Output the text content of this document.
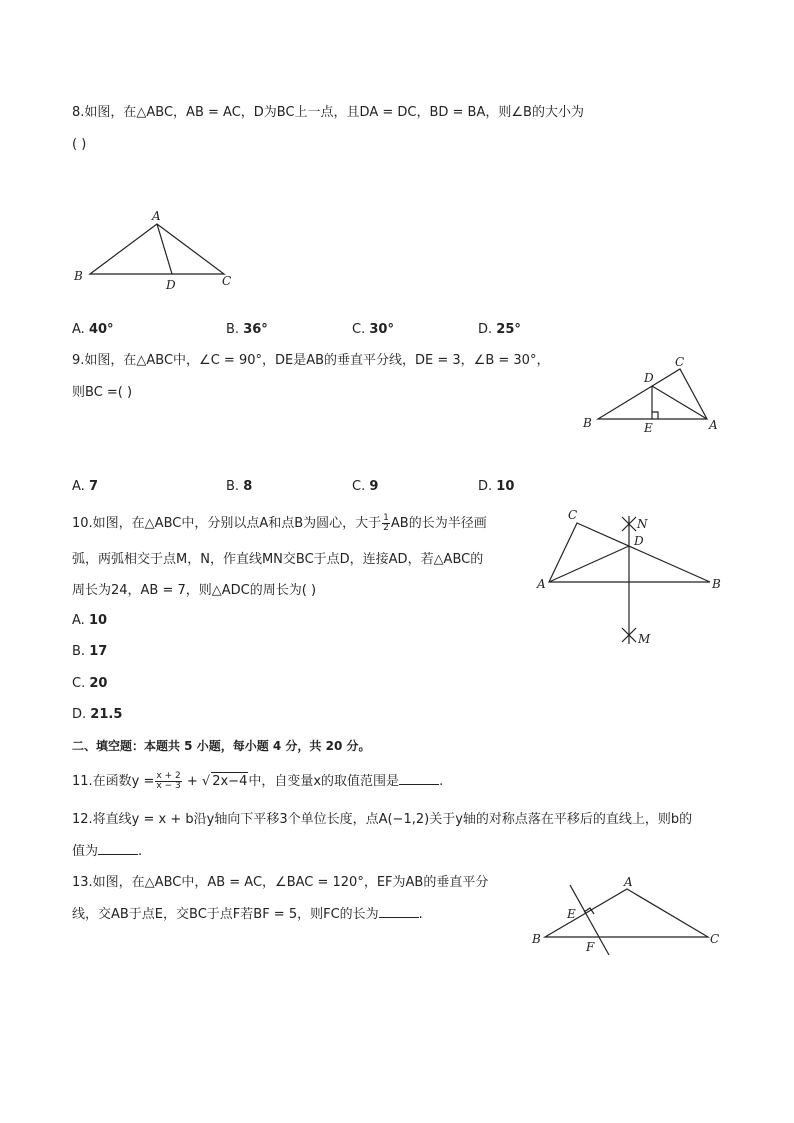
8.如图，在△ABC，AB = AC，D为BC上一点，且DA = DC，BD = BA，则∠B的大小为
( )
A
B	C
D
A. 40°	B. 36°	C. 30°	D. 25°
9.如图，在△ABC中，∠C = 90°，DE是AB的垂直平分线，DE = 3，∠B = 30°，
则BC =( )
C
D
B	E	A
A. 7	B. 8	C. 9	D. 10
10.如图，在△ABC中，分别以点A和点B为圆心，大于 $\frac{1}{2}$ AB的长为半径画
弧，两弧相交于点M，N，作直线MN交BC于点D，连接AD，若△ABC的
周长为24，AB = 7，则△ADC的周长为( )
C
N
D
A	B
M
A. 10
B. 17
C. 20
D. 21.5
二、填空题：本题共 5 小题，每小题 4 分，共 20 分。
11.在函数$y = \frac{x + 2}{x - 3}$ + √ 2x−4中，自变量x的取值范围是	.
12.将直线y = x + b沿y轴向下平移3个单位长度，点A(−1,2)关于y轴的对称点落在平移后的直线上，则b的
值为	.
13.如图，在△ABC中，AB = AC，∠BAC = 120°，EF为AB的垂直平分
线，交AB于点E，交BC于点F若BF = 5，则FC的长为	.
A
E
B
F
C
